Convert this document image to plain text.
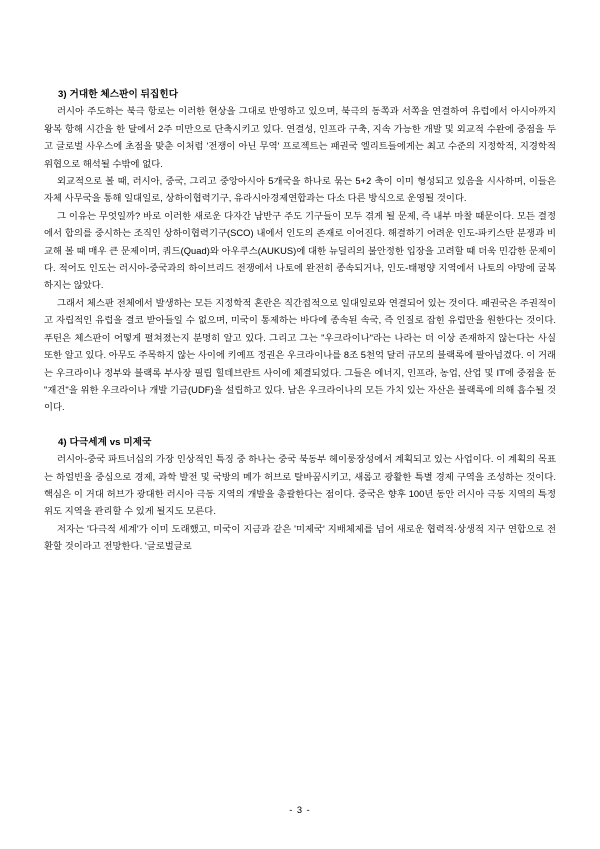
3) 거대한 체스판이 뒤집힌다

러시아 주도하는 북극 항로는 이러한 현상을 그대로 반영하고 있으며, 북극의 동쪽과 서쪽을 연결하여 유럽에서 아시아까지 왕복 항해 시간을 한 달에서 2주 미만으로 단축시키고 있다. 연결성, 인프라 구축, 지속 가능한 개발 및 외교적 수완에 중점을 두고 글로벌 사우스에 초점을 맞춘 이처럼 '전쟁이 아닌 무역' 프로젝트는 패권국 엘리트들에게는 최고 수준의 지정학적, 지경학적 위협으로 해석될 수밖에 없다.

외교적으로 볼 때, 러시아, 중국, 그리고 중앙아시아 5개국을 하나로 묶는 5+2 축이 이미 형성되고 있음을 시사하며, 이들은 자체 사무국을 통해 일대일로, 상하이협력기구, 유라시아경제연합과는 다소 다른 방식으로 운영될 것이다.

그 이유는 무엇일까? 바로 이러한 새로운 다자간 남반구 주도 기구들이 모두 겪게 될 문제, 즉 내부 마찰 때문이다. 모든 결정에서 합의를 중시하는 조직인 상하이협력기구(SCO) 내에서 인도의 존재로 이어진다. 해결하기 어려운 인도-파키스탄 분쟁과 비교해 볼 때 매우 큰 문제이며, 쿼드(Quad)와 아우쿠스(AUKUS)에 대한 뉴딜리의 불안정한 입장을 고려할 때 더욱 민감한 문제이다. 적어도 인도는 러시아-중국과의 하이브리드 전쟁에서 나토에 완전히 종속되거나, 인도-태평양 지역에서 나토의 야망에 굴복하지는 않았다.

그래서 체스판 전체에서 발생하는 모든 지정학적 혼란은 직간접적으로 일대일로와 연결되어 있는 것이다. 패권국은 주권적이고 자립적인 유럽을 결코 받아들일 수 없으며, 미국이 통제하는 바다에 종속된 속국, 즉 인질로 잡힌 유럽만을 원한다는 것이다. 푸틴은 체스판이 어떻게 펼쳐졌는지 분명히 알고 있다. 그리고 그는 "우크라이나"라는 나라는 더 이상 존재하지 않는다는 사실 또한 알고 있다. 아무도 주목하지 않는 사이에 키예프 정권은 우크라이나를 8조 5천억 달러 규모의 블랙록에 팔아넘겼다. 이 거래는 우크라이나 정부와 블랙록 부사장 필립 힐데브란트 사이에 체결되었다. 그들은 에너지, 인프라, 농업, 산업 및 IT에 중점을 둔 "재건"을 위한 우크라이나 개발 기금(UDF)을 설립하고 있다. 남은 우크라이나의 모든 가치 있는 자산은 블랙록에 의해 흡수될 것이다.

4) 다극세계 vs 미제국

러시아-중국 파트너십의 가장 인상적인 특징 중 하나는 중국 북동부 헤이룽장성에서 계획되고 있는 사업이다. 이 계획의 목표는 하얼빈을 중심으로 경제, 과학 발전 및 국방의 메가 허브로 탈바꿈시키고, 새롭고 광활한 특별 경제 구역을 조성하는 것이다. 핵심은 이 거대 허브가 광대한 러시아 극동 지역의 개발을 총괄한다는 점이다. 중국은 향후 100년 동안 러시아 극동 지역의 특정 위도 지역을 관리할 수 있게 될지도 모른다.

저자는 '다극적 세계'가 이미 도래했고, 미국이 지금과 같은 '미제국' 지배체제를 넘어 새로운 협력적·상생적 지구 연합으로 전환할 것이라고 전망한다. '글로벌글로

- 3 -
